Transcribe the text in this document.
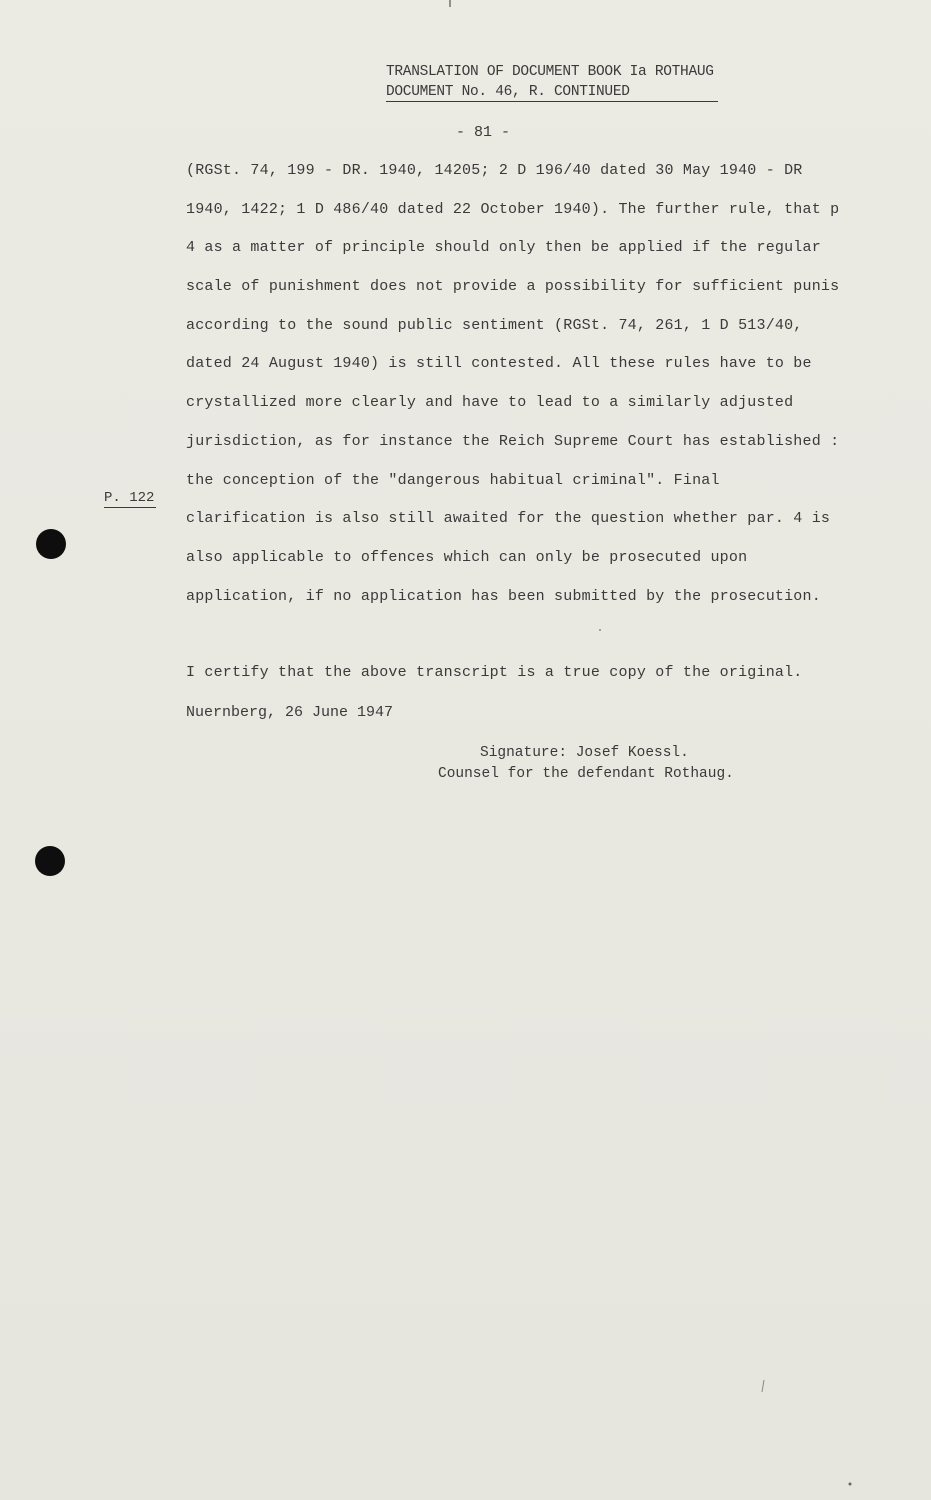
TRANSLATION OF DOCUMENT BOOK Ia ROTHAUG
DOCUMENT No. 46, R. CONTINUED
- 81 -
(RGSt. 74, 199 - DR. 1940, 14205; 2 D 196/40 dated 30 May 1940 - DR
1940, 1422; 1 D 486/40 dated 22 October 1940). The further rule, that p
4 as a matter of principle should only then be applied if the regular
scale of punishment does not provide a possibility for sufficient punis
according to the sound public sentiment (RGSt. 74, 261, 1 D 513/40,
dated 24 August 1940) is still contested. All these rules have to be
crystallized more clearly and have to lead to a similarly adjusted
jurisdiction, as for instance the Reich Supreme Court has established :
the conception of the "dangerous habitual criminal". Final
clarification is also still awaited for the question whether par. 4 is
also applicable to offences which can only be prosecuted upon
application, if no application has been submitted by the prosecution.
P. 122
I certify that the above transcript is a true copy of the original.
Nuernberg, 26 June 1947
Signature: Josef Koessl.
Counsel for the defendant Rothaug.
